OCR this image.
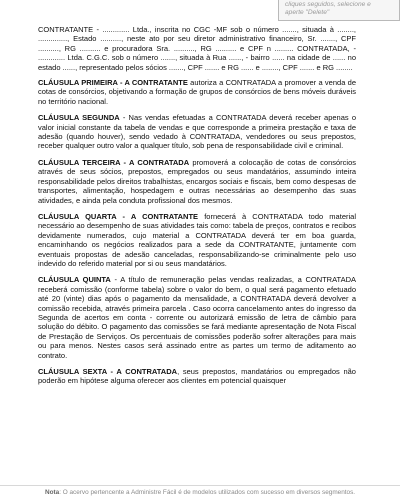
cliques seguidos, selecione e
aperte "Delete"

CONTRATANTE - ............. Ltda., inscrita no CGC -MF sob o número ......., situada à ........, .............., Estado .........., neste ato por seu diretor administrativo financeiro, Sr. ......., CPF .........., RG .......... e procuradora Sra. .........., RG .......... e CPF n ......... CONTRATADA, - ............. Ltda. C.G.C. sob o número ......., situada à Rua ......, - bairro ...... na cidade de ...... no estado ......, representado pelos sócios ......., CPF ....... e RG ...... e ........, CPF ....... e RG ........

CLÁUSULA PRIMEIRA - A CONTRATANTE autoriza a CONTRATADA a promover a venda de cotas de consórcios, objetivando a formação de grupos de consórcios de bens móveis duráveis no território nacional.

CLÁUSULA SEGUNDA - Nas vendas efetuadas a CONTRATADA deverá receber apenas o valor inicial constante da tabela de vendas e que corresponde a primeira prestação e taxa de adesão (quando houver), sendo vedado à CONTRATADA, vendedores ou seus prepostos, receber qualquer outro valor a qualquer título, sob pena de responsabilidade civil e criminal.

CLÁUSULA TERCEIRA - A CONTRATADA promoverá a colocação de cotas de consórcios através de seus sócios, prepostos, empregados ou seus mandatários, assumindo inteira responsabilidade pelos direitos trabalhistas, encargos sociais e fiscais, bem como despesas de transportes, alimentação, hospedagem e outras necessárias ao desempenho das suas atividades, e ainda pela conduta profissional dos mesmos.

CLÁUSULA QUARTA - A CONTRATANTE fornecerá à CONTRATADA todo material necessário ao desempenho de suas atividades tais como: tabela de preços, contratos e recibos devidamente numerados, cujo material a CONTRATADA deverá ter em boa guarda, encaminhando os negócios realizados para a sede da CONTRATANTE, juntamente com eventuais propostas de adesão canceladas, responsabilizando-se criminalmente pelo uso indevido do referido material por si ou seus mandatários.

CLÁUSULA QUINTA - A título de remuneração pelas vendas realizadas, a CONTRATADA receberá comissão (conforme tabela) sobre o valor do bem, o qual será pagamento efetuado até 20 (vinte) dias após o pagamento da mensalidade, a CONTRATADA deverá devolver a comissão recebida, através primeira parcela . Caso ocorra cancelamento antes do ingresso da Segunda de acertos em conta - corrente ou autorizará emissão de letra de câmbio para solução do débito. O pagamento das comissões se fará mediante apresentação de Nota Fiscal de Prestação de Serviços. Os percentuais de comissões poderão sofrer alterações para mais ou para menos. Nestes casos será assinado entre as partes um termo de aditamento ao contrato.

CLÁUSULA SEXTA - A CONTRATADA, seus prepostos, mandatários ou empregados não poderão em hipótese alguma oferecer aos clientes em potencial quaisquer

Nota: O acervo pertencente a Administre Fácil é de modelos utilizados com sucesso em diversos segmentos.
